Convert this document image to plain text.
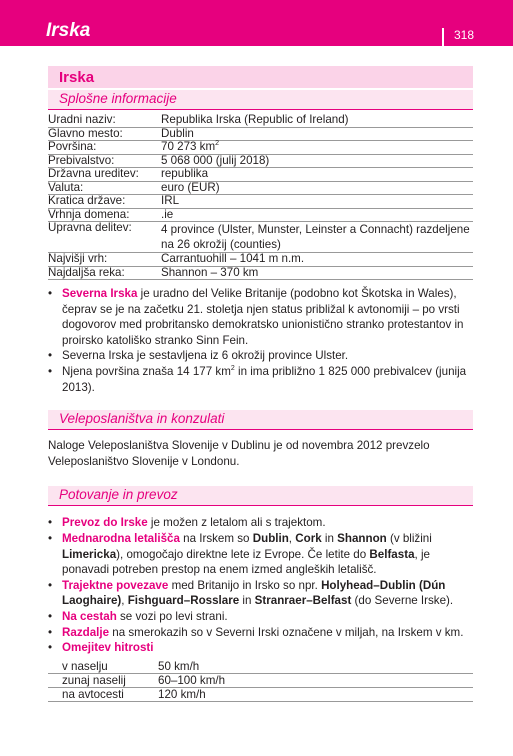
Irska	318
Irska
Splošne informacije
Uradni naziv:	Republika Irska (Republic of Ireland)
Glavno mesto:	Dublin
Površina:	70 273 $km^2$
Prebivalstvo:	5 068 000 (julij 2018)
Državna ureditev:	republika
Valuta:	euro (EUR)
Kratica države:	IRL
Vrhnja domena:	.ie
Upravna delitev:	4 province (Ulster, Munster, Leinster a Connacht) razdeljene na 26 okrožij (counties)
Najvišji vrh:	Carrantuohill – 1041 m n.m.
Najdaljša reka:	Shannon – 370 km
• Severna Irska je uradno del Velike Britanije (podobno kot Škotska in Wales), čeprav se je na začetku 21. stoletja njen status približal k avtonomiji – po vrsti dogovorov med probritansko demokratsko unionistično stranko protestantov in proirsko katoliško stranko Sinn Fein.
• Severna Irska je sestavljena iz 6 okrožij province Ulster.
• Njena površina znaša 14 177 $km^2$ in ima približno 1 825 000 prebivalcev (junija 2013).
Veleposlaništva in konzulati

Naloge Veleposlaništva Slovenije v Dublinu je od novembra 2012 prevzelo Veleposlaništvo Slovenije v Londonu.

Potovanje in prevoz
• Prevoz do Irske je možen z letalom ali s trajektom.
• Mednarodna letališča na Irskem so Dublin, Cork in Shannon (v bližini Limericka), omogočajo direktne lete iz Evrope. Če letite do Belfasta, je ponavadi potreben prestop na enem izmed angleških letališč.
• Trajektne povezave med Britanijo in Irsko so npr. Holyhead–Dublin (Dún Laoghaire), Fishguard–Rosslare in Stranraer–Belfast (do Severne Irske).
• Na cestah se vozi po levi strani.
• Razdalje na smerokazih so v Severni Irski označene v miljah, na Irskem v km.
• Omejitev hitrosti
v naselju	50 km/h
zunaj naselij	60–100 km/h
na avtocesti	120 km/h
